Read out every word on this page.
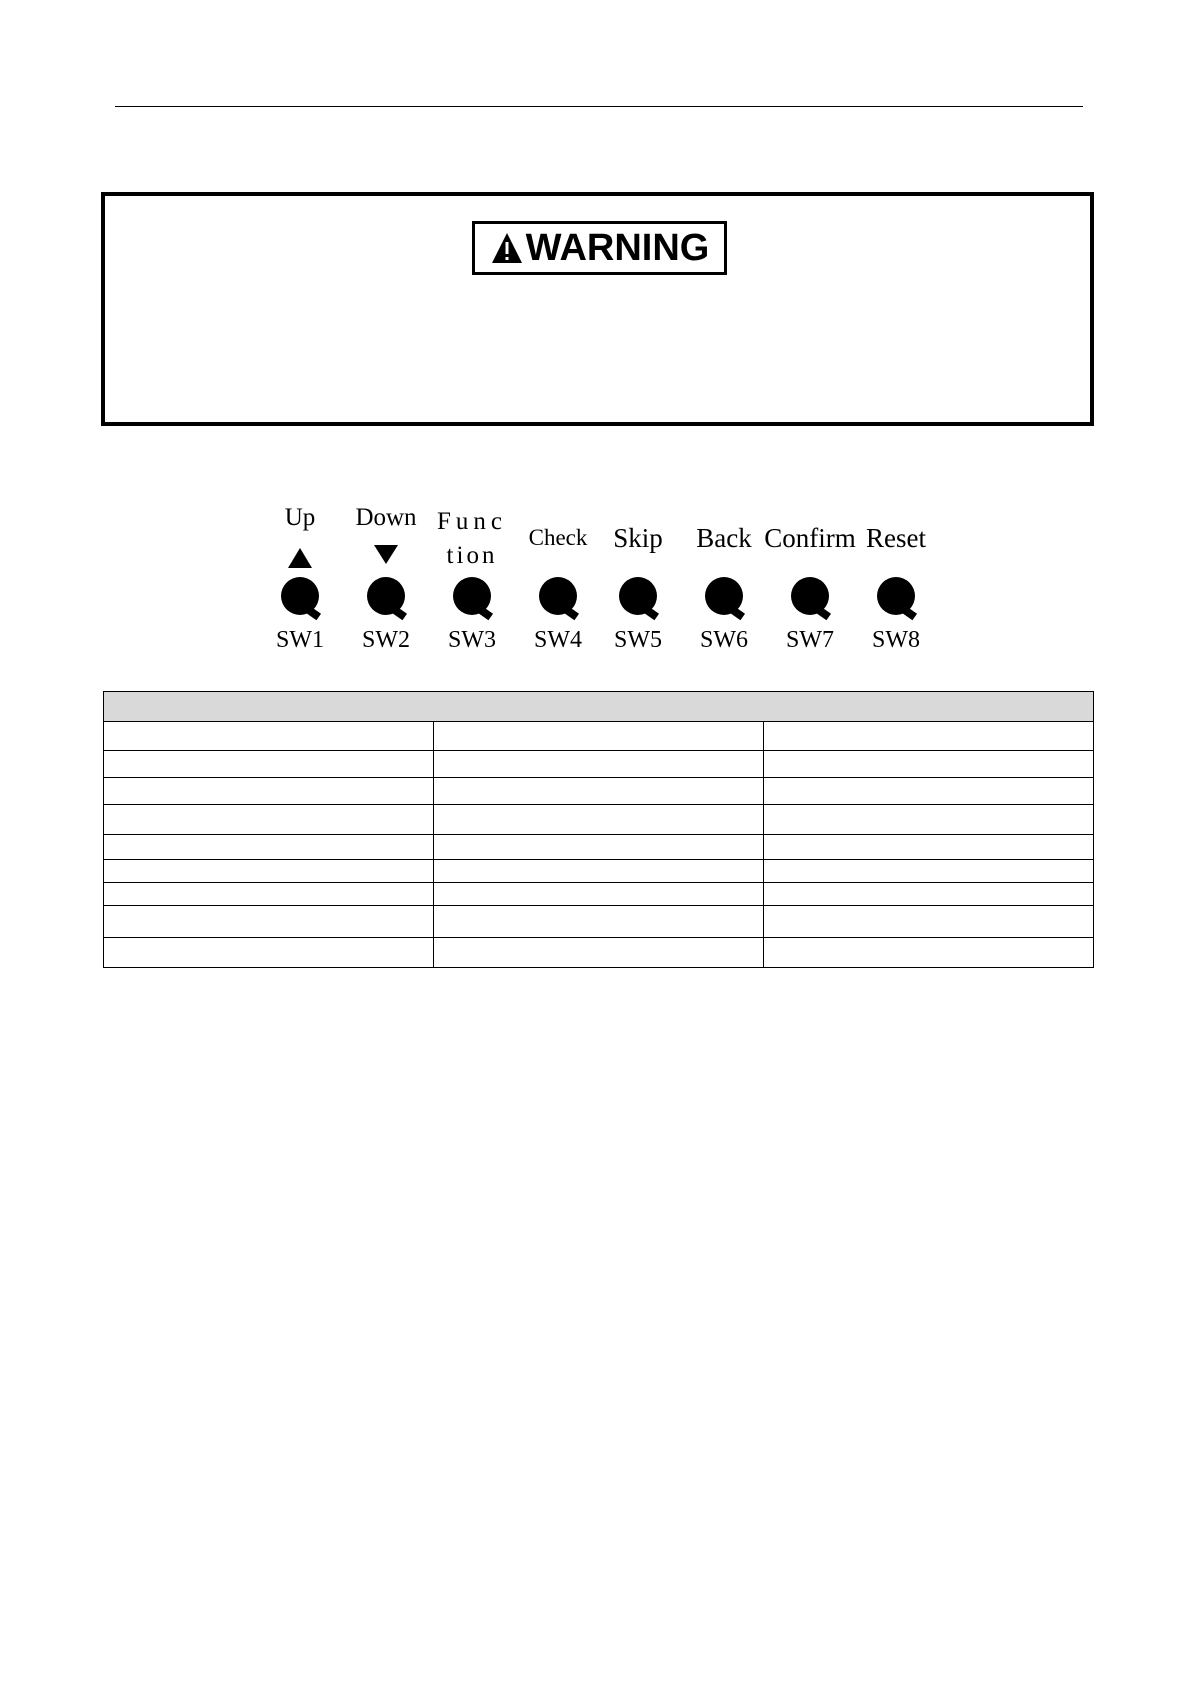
WARNING
Up
SW1
Down
SW2
Func
tion
SW3
Check
SW4
Skip
SW5
Back
SW6
Confirm
SW7
Reset
SW8
